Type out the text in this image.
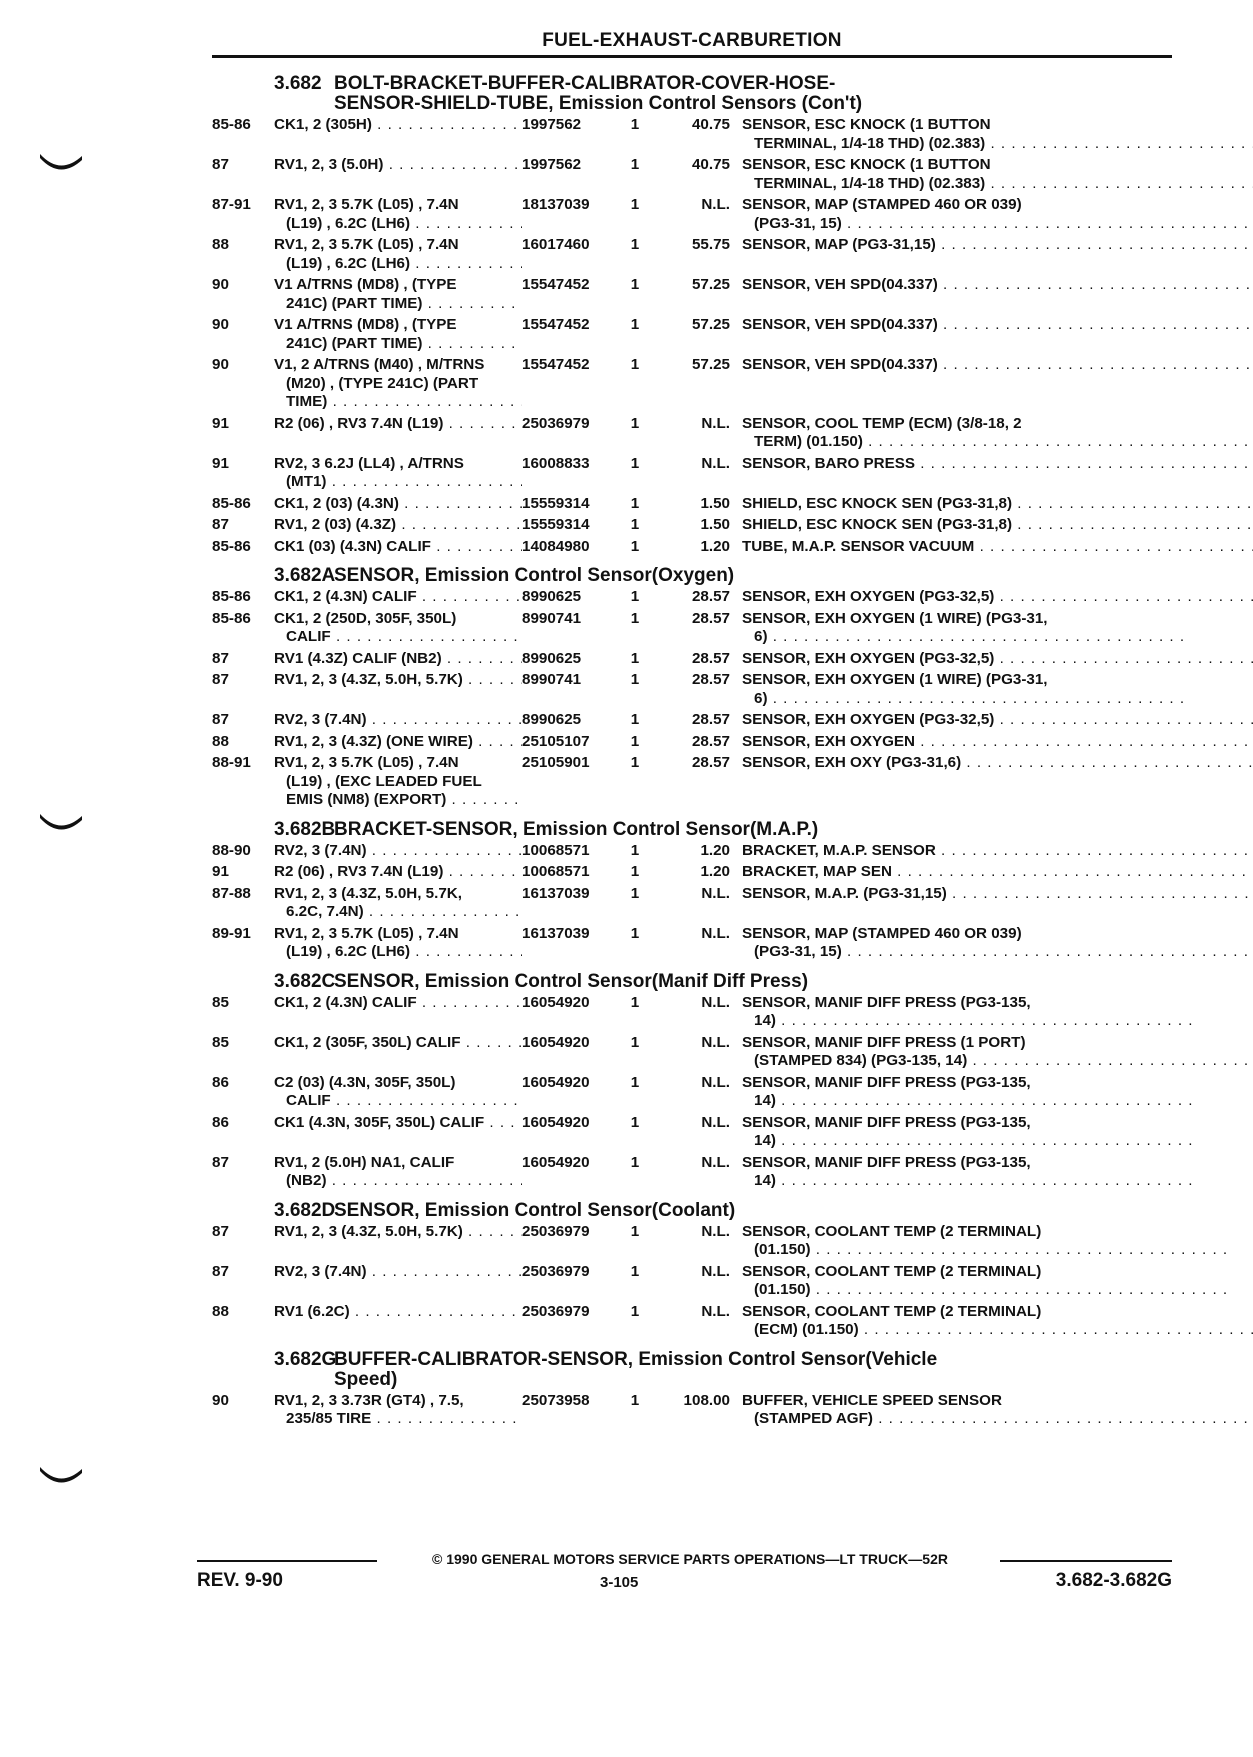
FUEL-EXHAUST-CARBURETION
3.682 BOLT-BRACKET-BUFFER-CALIBRATOR-COVER-HOSE-
SENSOR-SHIELD-TUBE, Emission Control Sensors (Con't)
85-86	CK1, 2 (305H) . . .	1997562	1	40.75 SENSOR, ESC KNOCK (1 BUTTON
TERMINAL, 1/4-18 THD) (02.383) . . .
87	RV1, 2, 3 (5.0H) . . .	1997562	1	40.75 SENSOR, ESC KNOCK (1 BUTTON
TERMINAL, 1/4-18 THD) (02.383) . . .
87-91	RV1, 2, 3 5.7K (L05) , 7.4N
(L19) , 6.2C (LH6) . . .
18137039	1	N.L. SENSOR, MAP (STAMPED 460 OR 039)
(PG3-31, 15) . . .
88	RV1, 2, 3 5.7K (L05) , 7.4N
(L19) , 6.2C (LH6) . . .
16017460	1	55.75 SENSOR, MAP (PG3-31,15) . . .
90	V1 A/TRNS (MD8) , (TYPE
241C) (PART TIME) . . .
15547452	1	57.25 SENSOR, VEH SPD(04.337) . . .
90	V1 A/TRNS (MD8) , (TYPE
241C) (PART TIME) . . .
15547452	1	57.25 SENSOR, VEH SPD(04.337) . . .
90	V1, 2 A/TRNS (M40) , M/TRNS
(M20) , (TYPE 241C) (PART
TIME) . . .
15547452	1	57.25 SENSOR, VEH SPD(04.337) . . .
91	R2 (06) , RV3 7.4N (L19) . . .	25036979	1	N.L. SENSOR, COOL TEMP (ECM) (3/8-18, 2
TERM) (01.150) . . .
91	RV2, 3 6.2J (LL4) , A/TRNS
(MT1) . . .
16008833	1	N.L. SENSOR, BARO PRESS . . .
85-86	CK1, 2 (03) (4.3N) . . .	15559314	1	1.50 SHIELD, ESC KNOCK SEN (PG3-31,8) . . .
87	RV1, 2 (03) (4.3Z) . . .	15559314	1	1.50 SHIELD, ESC KNOCK SEN (PG3-31,8) . . .
85-86	CK1 (03) (4.3N) CALIF . . .	14084980	1	1.20 TUBE, M.A.P. SENSOR VACUUM . . .
3.682A
SENSOR, Emission Control Sensor(Oxygen)
85-86	CK1, 2 (4.3N) CALIF . . .	8990625	1	28.57 SENSOR, EXH OXYGEN (PG3-32,5) . . .
85-86	CK1, 2 (250D, 305F, 350L)
CALIF . . .
8990741	1	28.57 SENSOR, EXH OXYGEN (1 WIRE) (PG3-31,
6) . . .
87	RV1 (4.3Z) CALIF (NB2) . . .	8990625	1	28.57 SENSOR, EXH OXYGEN (PG3-32,5) . . .
87	RV1, 2, 3 (4.3Z, 5.0H, 5.7K) . . .	8990741	1	28.57 SENSOR, EXH OXYGEN (1 WIRE) (PG3-31,
6) . . .
87	RV2, 3 (7.4N) . . .	8990625	1	28.57 SENSOR, EXH OXYGEN (PG3-32,5) . . .
88	RV1, 2, 3 (4.3Z) (ONE WIRE) . . .	25105107	1	28.57 SENSOR, EXH OXYGEN . . .
88-91	RV1, 2, 3 5.7K (L05) , 7.4N
(L19) , (EXC LEADED FUEL
EMIS (NM8) (EXPORT) . . .
25105901	1	28.57 SENSOR, EXH OXY (PG3-31,6) . . .
3.682B
BRACKET-SENSOR, Emission Control Sensor(M.A.P.)
88-90	RV2, 3 (7.4N) . . .	10068571	1	1.20 BRACKET, M.A.P. SENSOR . . .
91	R2 (06) , RV3 7.4N (L19) . . .	10068571	1	1.20 BRACKET, MAP SEN . . .
87-88	RV1, 2, 3 (4.3Z, 5.0H, 5.7K,
6.2C, 7.4N) . . .
16137039	1	N.L. SENSOR, M.A.P. (PG3-31,15) . . .
89-91	RV1, 2, 3 5.7K (L05) , 7.4N
(L19) , 6.2C (LH6) . . .
16137039	1	N.L. SENSOR, MAP (STAMPED 460 OR 039)
(PG3-31, 15) . . .
3.682C
SENSOR, Emission Control Sensor(Manif Diff Press)
85	CK1, 2 (4.3N) CALIF . . .	16054920	1	N.L. SENSOR, MANIF DIFF PRESS (PG3-135,
14) . . .
85	CK1, 2 (305F, 350L) CALIF . . .	16054920	1	N.L. SENSOR, MANIF DIFF PRESS (1 PORT)
(STAMPED 834) (PG3-135, 14) . . .
86	C2 (03) (4.3N, 305F, 350L)
CALIF . . .
16054920	1	N.L. SENSOR, MANIF DIFF PRESS (PG3-135,
14) . . .
86	CK1 (4.3N, 305F, 350L) CALIF . . .	16054920	1	N.L. SENSOR, MANIF DIFF PRESS (PG3-135,
14) . . .
87	RV1, 2 (5.0H) NA1, CALIF
(NB2) . . .
16054920	1	N.L. SENSOR, MANIF DIFF PRESS (PG3-135,
14) . . .
3.682D
SENSOR, Emission Control Sensor(Coolant)
87	RV1, 2, 3 (4.3Z, 5.0H, 5.7K) . . .	25036979	1	N.L. SENSOR, COOLANT TEMP (2 TERMINAL)
(01.150) . . .
87	RV2, 3 (7.4N) . . .	25036979	1	N.L. SENSOR, COOLANT TEMP (2 TERMINAL)
(01.150) . . .
88	RV1 (6.2C) . . .	25036979	1	N.L. SENSOR, COOLANT TEMP (2 TERMINAL)
(ECM) (01.150) . . .
3.682G
BUFFER-CALIBRATOR-SENSOR, Emission Control Sensor(Vehicle
Speed)
90	RV1, 2, 3 3.73R (GT4) , 7.5,
235/85 TIRE . . .
25073958	1	108.00 BUFFER, VEHICLE SPEED SENSOR
(STAMPED AGF) . . .
© 1990 GENERAL MOTORS SERVICE PARTS OPERATIONS—LT TRUCK—52R
REV. 9-90	3-105	3.682-3.682G
